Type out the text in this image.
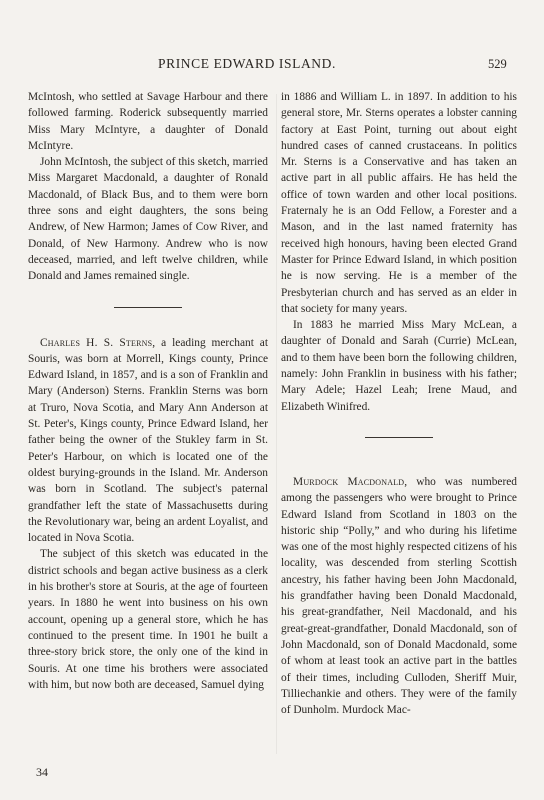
PRINCE EDWARD ISLAND.	529

McIntosh, who settled at Savage Harbour and there followed farming. Roderick subsequently married Miss Mary McIntyre, a daughter of Donald McIntyre.

John McIntosh, the subject of this sketch, married Miss Margaret Macdonald, a daughter of Ronald Macdonald, of Black Bus, and to them were born three sons and eight daughters, the sons being Andrew, of New Harmon; James of Cow River, and Donald, of New Harmony. Andrew who is now deceased, married, and left twelve children, while Donald and James remained single.

Charles H. S. Sterns, a leading merchant at Souris, was born at Morrell, Kings county, Prince Edward Island, in 1857, and is a son of Franklin and Mary (Anderson) Sterns. Franklin Sterns was born at Truro, Nova Scotia, and Mary Ann Anderson at St. Peter's, Kings county, Prince Edward Island, her father being the owner of the Stukley farm in St. Peter's Harbour, on which is located one of the oldest burying-grounds in the Island. Mr. Anderson was born in Scotland. The subject's paternal grandfather left the state of Massachusetts during the Revolutionary war, being an ardent Loyalist, and located in Nova Scotia.

The subject of this sketch was educated in the district schools and began active business as a clerk in his brother's store at Souris, at the age of fourteen years. In 1880 he went into business on his own account, opening up a general store, which he has continued to the present time. In 1901 he built a three-story brick store, the only one of the kind in Souris. At one time his brothers were associated with him, but now both are deceased, Samuel dying

in 1886 and William L. in 1897. In addition to his general store, Mr. Sterns operates a lobster canning factory at East Point, turning out about eight hundred cases of canned crustaceans. In politics Mr. Sterns is a Conservative and has taken an active part in all public affairs. He has held the office of town warden and other local positions. Fraternaly he is an Odd Fellow, a Forester and a Mason, and in the last named fraternity has received high honours, having been elected Grand Master for Prince Edward Island, in which position he is now serving. He is a member of the Presbyterian church and has served as an elder in that society for many years.

In 1883 he married Miss Mary McLean, a daughter of Donald and Sarah (Currie) McLean, and to them have been born the following children, namely: John Franklin in business with his father; Mary Adele; Hazel Leah; Irene Maud, and Elizabeth Winifred.

Murdock Macdonald, who was numbered among the passengers who were brought to Prince Edward Island from Scotland in 1803 on the historic ship “Polly,” and who during his lifetime was one of the most highly respected citizens of his locality, was descended from sterling Scottish ancestry, his father having been John Macdonald, his grandfather having been Donald Macdonald, his great-grandfather, Neil Macdonald, and his great-great-grandfather, Donald Macdonald, son of John Macdonald, son of Donald Macdonald, some of whom at least took an active part in the battles of their times, including Culloden, Sheriff Muir, Tilliechankie and others. They were of the family of Dunholm. Murdock Mac-

34
